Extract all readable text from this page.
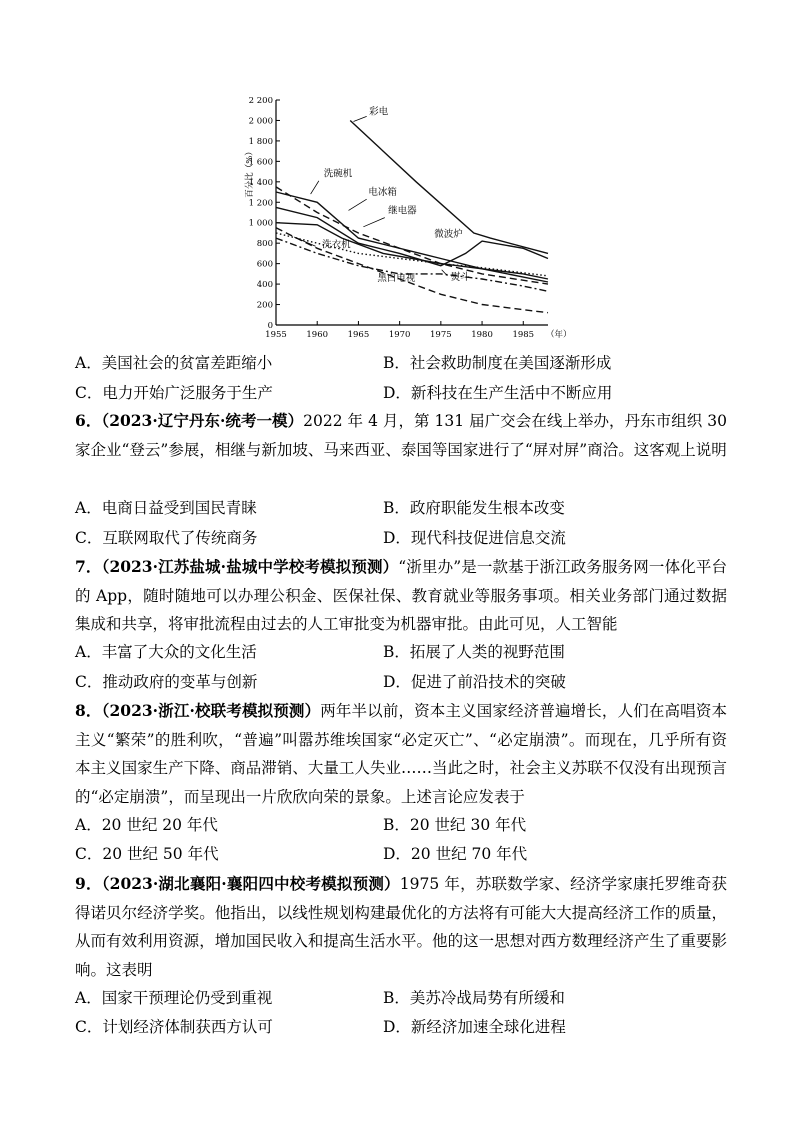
0
200
400
600
800
1 000
1 200
1 400
1 600
1 800
2 000
2 200
1955 1960 1965 1970 1975 1980 1985 （年）
百分比（%）
彩电
洗碗机
电冰箱
继电器
微波炉
洗衣机
黑白电视	熨斗
A．美国社会的贫富差距缩小	B．社会救助制度在美国逐渐形成
C．电力开始广泛服务于生产	D．新科技在生产生活中不断应用
6．（2023·辽宁丹东·统考一模）2022 年 4 月，第 131 届广交会在线上举办，丹东市组织 30 家企业“登云”参展，相继与新加坡、马来西亚、泰国等国家进行了“屏对屏”商洽。这客观上说明
A．电商日益受到国民青睐	B．政府职能发生根本改变
C．互联网取代了传统商务	D．现代科技促进信息交流
7．（2023·江苏盐城·盐城中学校考模拟预测）“浙里办”是一款基于浙江政务服务网一体化平台的 App，随时随地可以办理公积金、医保社保、教育就业等服务事项。相关业务部门通过数据集成和共享，将审批流程由过去的人工审批变为机器审批。由此可见，人工智能
A．丰富了大众的文化生活	B．拓展了人类的视野范围
C．推动政府的变革与创新	D．促进了前沿技术的突破
8．（2023·浙江·校联考模拟预测）两年半以前，资本主义国家经济普遍增长，人们在高唱资本主义“繁荣”的胜利吹，“普遍”叫嚣苏维埃国家“必定灭亡”、“必定崩溃”。而现在，几乎所有资本主义国家生产下降、商品滞销、大量工人失业……当此之时，社会主义苏联不仅没有出现预言的“必定崩溃”，而呈现出一片欣欣向荣的景象。上述言论应发表于
A．20 世纪 20 年代	B．20 世纪 30 年代
C．20 世纪 50 年代	D．20 世纪 70 年代
9．（2023·湖北襄阳·襄阳四中校考模拟预测）1975 年，苏联数学家、经济学家康托罗维奇获得诺贝尔经济学奖。他指出，以线性规划构建最优化的方法将有可能大大提高经济工作的质量，从而有效利用资源，增加国民收入和提高生活水平。他的这一思想对西方数理经济产生了重要影响。这表明
A．国家干预理论仍受到重视	B．美苏冷战局势有所缓和
C．计划经济体制获西方认可	D．新经济加速全球化进程
